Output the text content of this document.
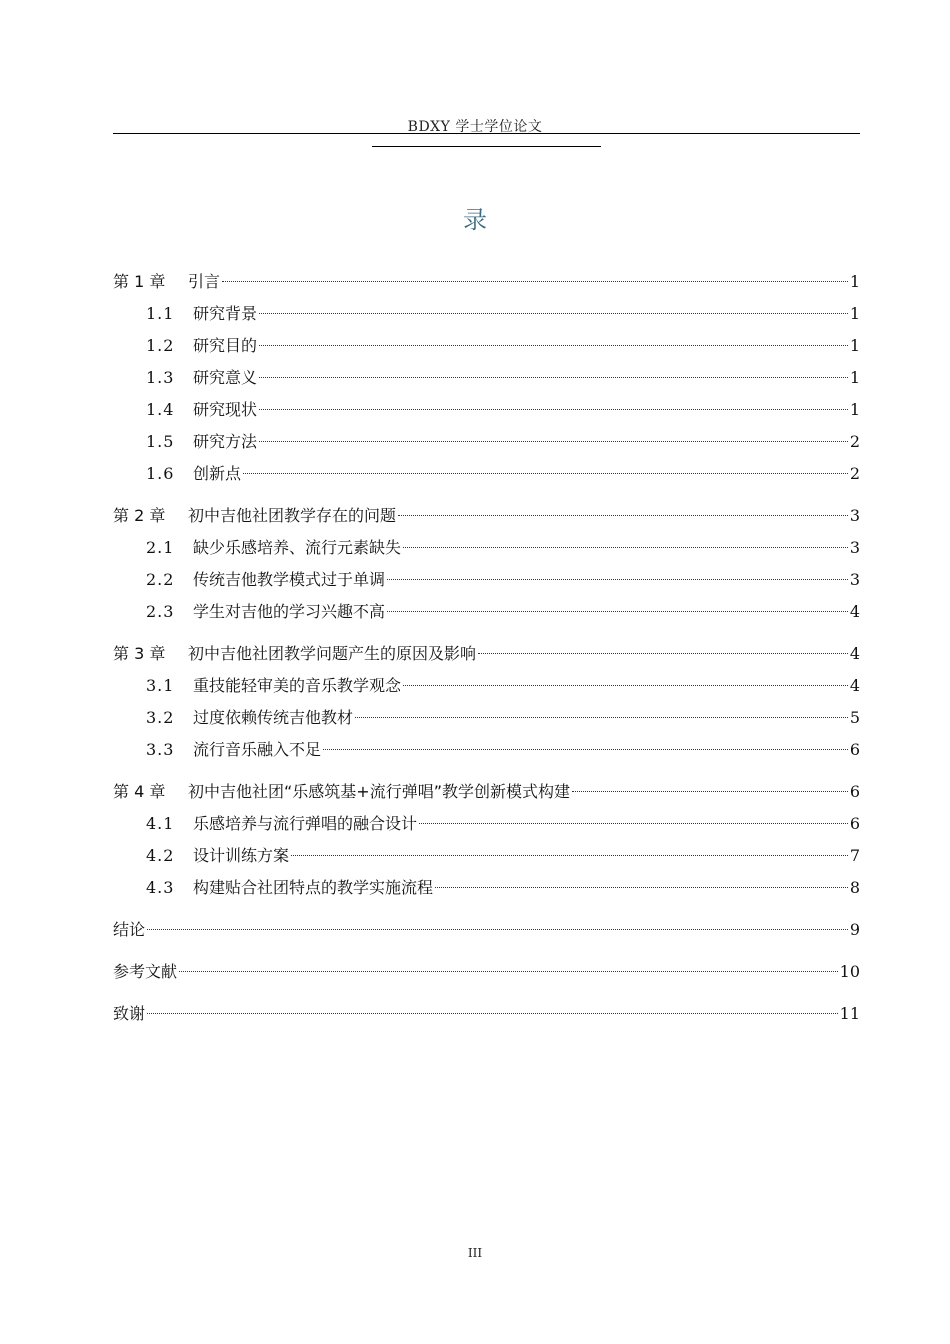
BDXY 学士学位论文
录
第 1 章	引言	1
1.1	研究背景	1
1.2	研究目的	1
1.3	研究意义	1
1.4	研究现状	1
1.5	研究方法	2
1.6	创新点	2
第 2 章	初中吉他社团教学存在的问题	3
2.1	缺少乐感培养、流行元素缺失	3
2.2	传统吉他教学模式过于单调	3
2.3	学生对吉他的学习兴趣不高	4
第 3 章	初中吉他社团教学问题产生的原因及影响	4
3.1	重技能轻审美的音乐教学观念	4
3.2	过度依赖传统吉他教材	5
3.3	流行音乐融入不足	6
第 4 章	初中吉他社团“乐感筑基+流行弹唱”教学创新模式构建	6
4.1	乐感培养与流行弹唱的融合设计	6
4.2	设计训练方案	7
4.3	构建贴合社团特点的教学实施流程	8
结论	9
参考文献	10
致谢	11
III
